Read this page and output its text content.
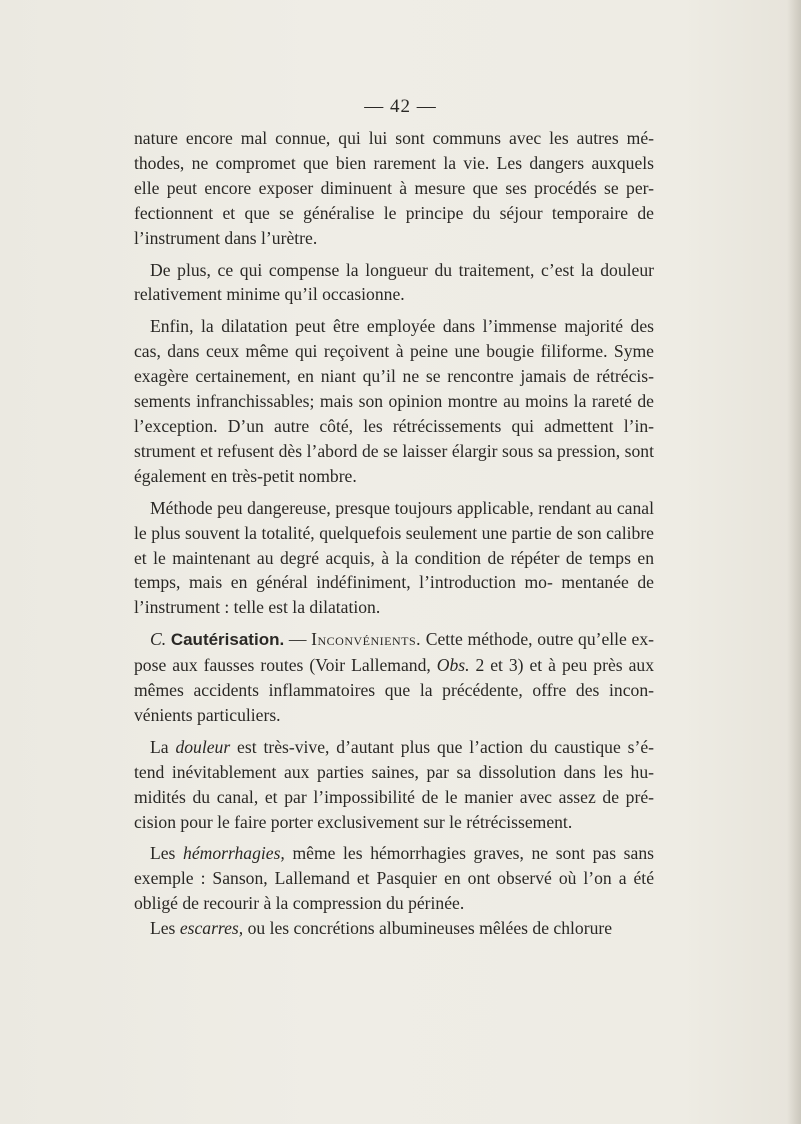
— 42 —

nature encore mal connue, qui lui sont communs avec les autres mé- thodes, ne compromet que bien rarement la vie. Les dangers auxquels elle peut encore exposer diminuent à mesure que ses procédés se per- fectionnent et que se généralise le principe du séjour temporaire de l’instrument dans l’urètre.

De plus, ce qui compense la longueur du traitement, c’est la douleur relativement minime qu’il occasionne.

Enfin, la dilatation peut être employée dans l’immense majorité des cas, dans ceux même qui reçoivent à peine une bougie filiforme. Syme exagère certainement, en niant qu’il ne se rencontre jamais de rétrécis- sements infranchissables; mais son opinion montre au moins la rareté de l’exception. D’un autre côté, les rétrécissements qui admettent l’in- strument et refusent dès l’abord de se laisser élargir sous sa pression, sont également en très-petit nombre.

Méthode peu dangereuse, presque toujours applicable, rendant au canal le plus souvent la totalité, quelquefois seulement une partie de son calibre et le maintenant au degré acquis, à la condition de répéter de temps en temps, mais en général indéfiniment, l’introduction mo- mentanée de l’instrument : telle est la dilatation.

C. Cautérisation. — Inconvénients. Cette méthode, outre qu’elle ex- pose aux fausses routes (Voir Lallemand, Obs. 2 et 3) et à peu près aux mêmes accidents inflammatoires que la précédente, offre des incon- vénients particuliers.

La douleur est très-vive, d’autant plus que l’action du caustique s’é- tend inévitablement aux parties saines, par sa dissolution dans les hu- midités du canal, et par l’impossibilité de le manier avec assez de pré- cision pour le faire porter exclusivement sur le rétrécissement.

Les hémorrhagies, même les hémorrhagies graves, ne sont pas sans exemple : Sanson, Lallemand et Pasquier en ont observé où l’on a été obligé de recourir à la compression du périnée.

Les escarres, ou les concrétions albumineuses mêlées de chlorure
